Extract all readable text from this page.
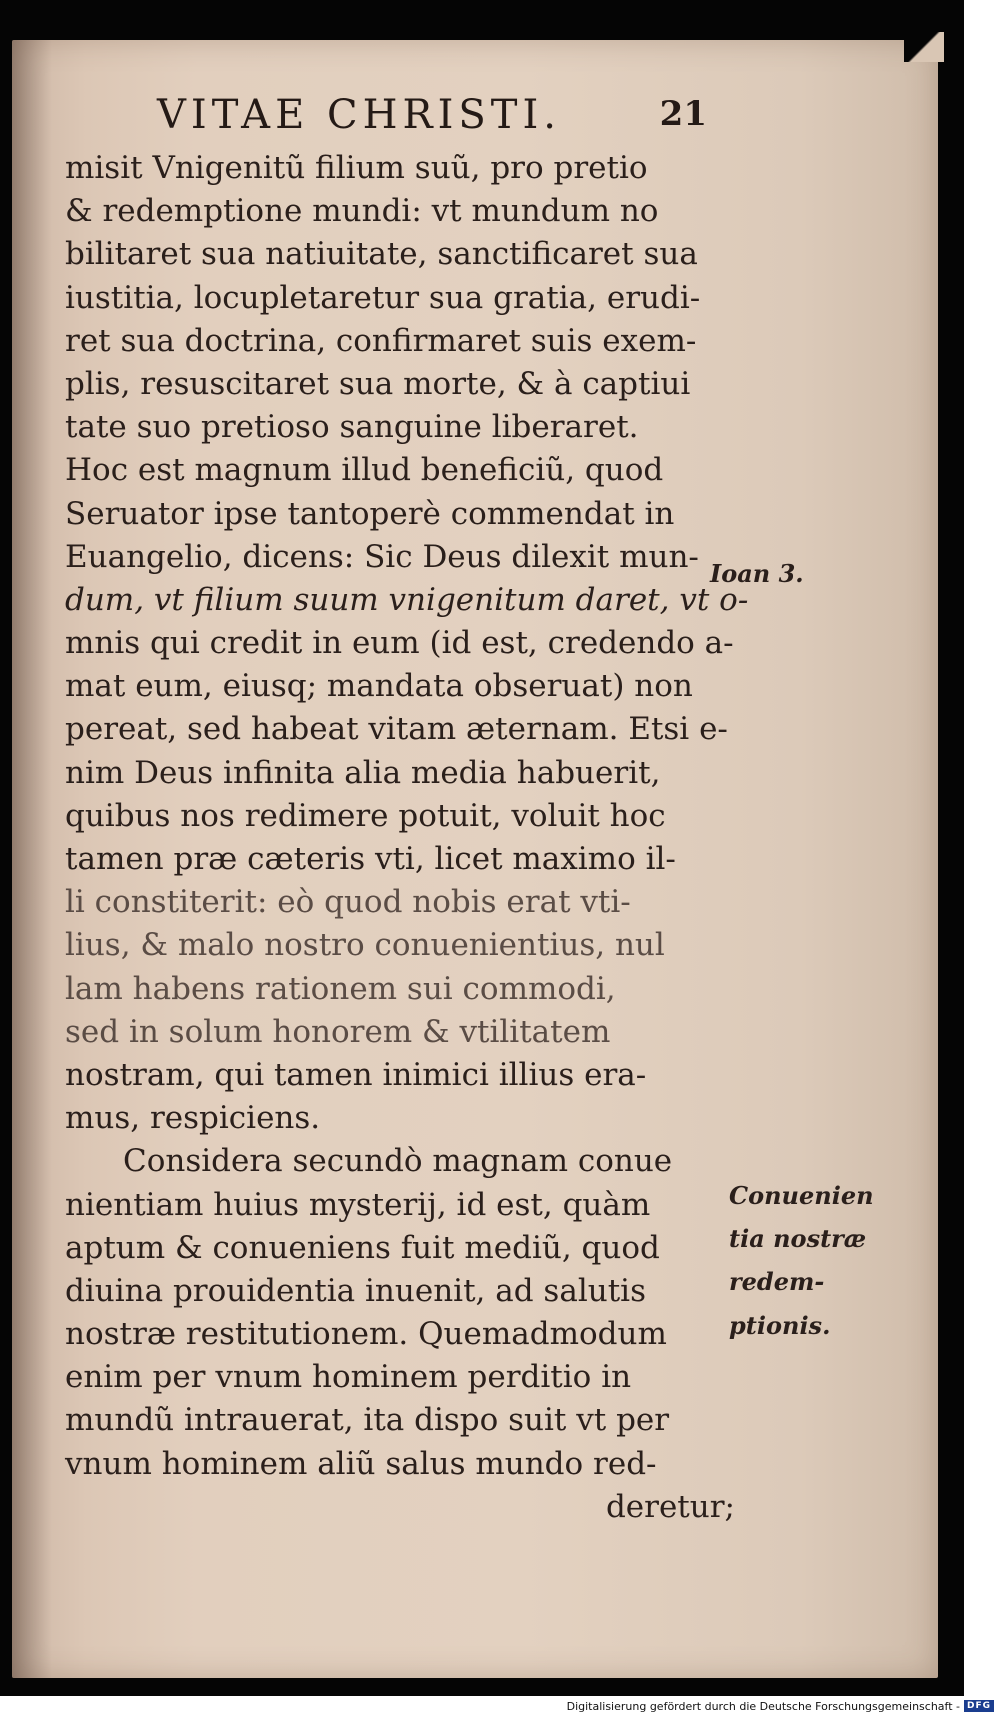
VITAE CHRISTI.	21
misit Vnigenitũ filium suũ, pro pretio
& redemptione mundi: vt mundum no
bilitaret sua natiuitate, sanctificaret sua
iustitia, locupletaretur sua gratia, erudi-
ret sua doctrina, confirmaret suis exem-
plis, resuscitaret sua morte, & à captiui
tate suo pretioso sanguine liberaret.
Hoc est magnum illud beneficiũ, quod
Seruator ipse tantoperè commendat in
Euangelio, dicens: Sic Deus dilexit mun-
dum, vt filium suum vnigenitum daret, vt o-
mnis qui credit in eum (id est, credendo a-
mat eum, eiusq; mandata obseruat) non
pereat, sed habeat vitam æternam. Etsi e-
nim Deus infinita alia media habuerit,
quibus nos redimere potuit, voluit hoc
tamen præ cæteris vti, licet maximo il-
li constiterit: eò quod nobis erat vti-
lius, & malo nostro conuenientius, nul
lam habens rationem sui commodi,
sed in solum honorem & vtilitatem
nostram, qui tamen inimici illius era-
mus, respiciens.
Considera secundò magnam conue
nientiam huius mysterij, id est, quàm
aptum & conueniens fuit mediũ, quod
diuina prouidentia inuenit, ad salutis
nostræ restitutionem. Quemadmodum
enim per vnum hominem perditio in
mundũ intrauerat, ita dispo suit vt per
vnum hominem aliũ salus mundo red-
deretur;
Ioan 3.
Conuenien
tia nostræ
redem-
ptionis.
Digitalisierung gefördert durch die Deutsche Forschungsgemeinschaft - DFG
